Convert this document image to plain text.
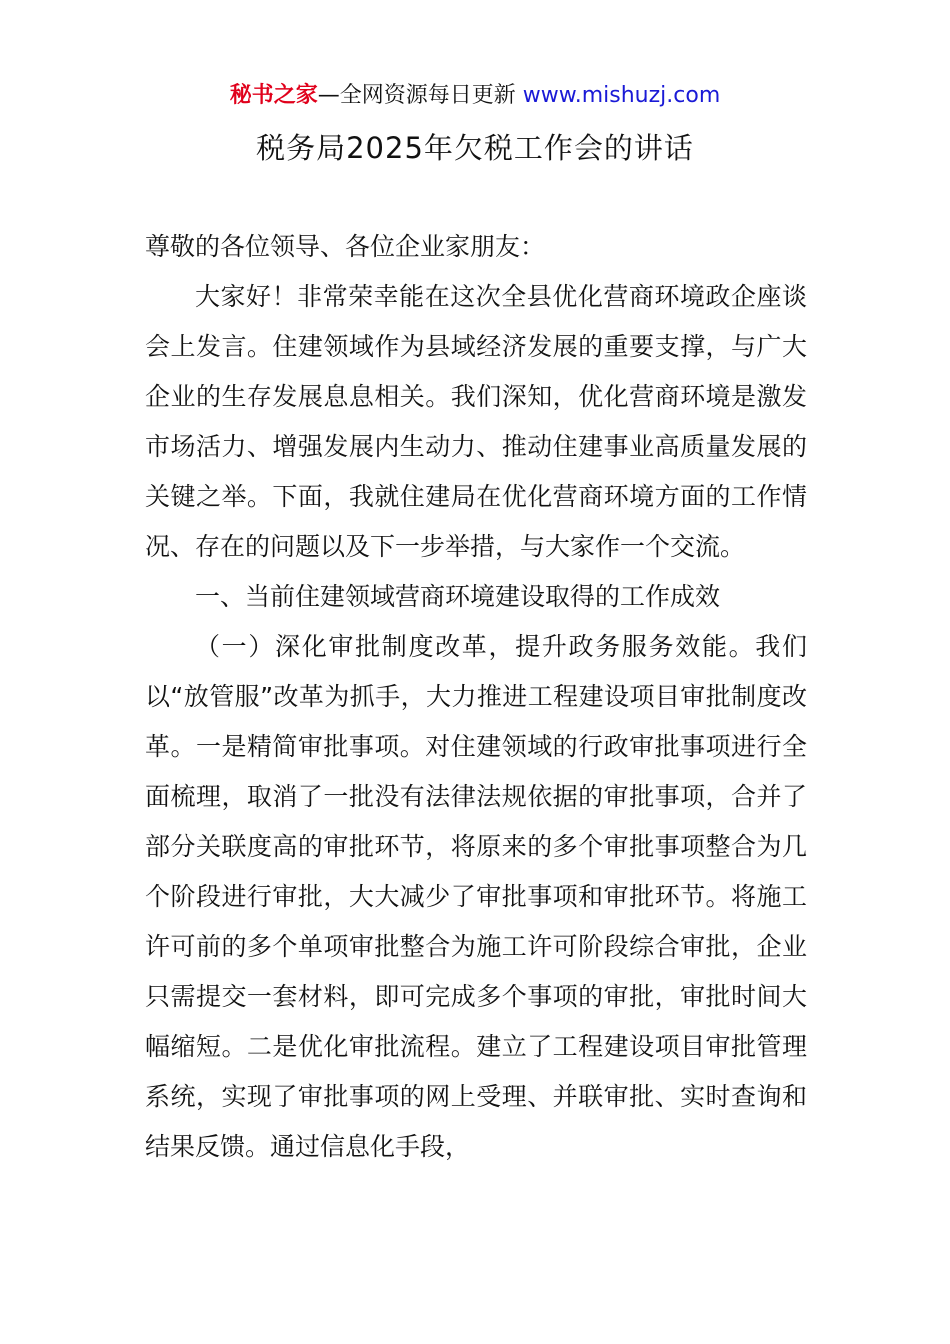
秘书之家—全网资源每日更新 www.mishuzj.com
税务局2025年欠税工作会的讲话

尊敬的各位领导、各位企业家朋友：

大家好！非常荣幸能在这次全县优化营商环境政企座谈会上发言。住建领域作为县域经济发展的重要支撑，与广大企业的生存发展息息相关。我们深知，优化营商环境是激发市场活力、增强发展内生动力、推动住建事业高质量发展的关键之举。下面，我就住建局在优化营商环境方面的工作情况、存在的问题以及下一步举措，与大家作一个交流。

一、当前住建领域营商环境建设取得的工作成效

（一）深化审批制度改革，提升政务服务效能。我们以“放管服”改革为抓手，大力推进工程建设项目审批制度改革。一是精简审批事项。对住建领域的行政审批事项进行全面梳理，取消了一批没有法律法规依据的审批事项，合并了部分关联度高的审批环节，将原来的多个审批事项整合为几个阶段进行审批，大大减少了审批事项和审批环节。将施工许可前的多个单项审批整合为施工许可阶段综合审批，企业只需提交一套材料，即可完成多个事项的审批，审批时间大幅缩短。二是优化审批流程。建立了工程建设项目审批管理系统，实现了审批事项的网上受理、并联审批、实时查询和结果反馈。通过信息化手段，
